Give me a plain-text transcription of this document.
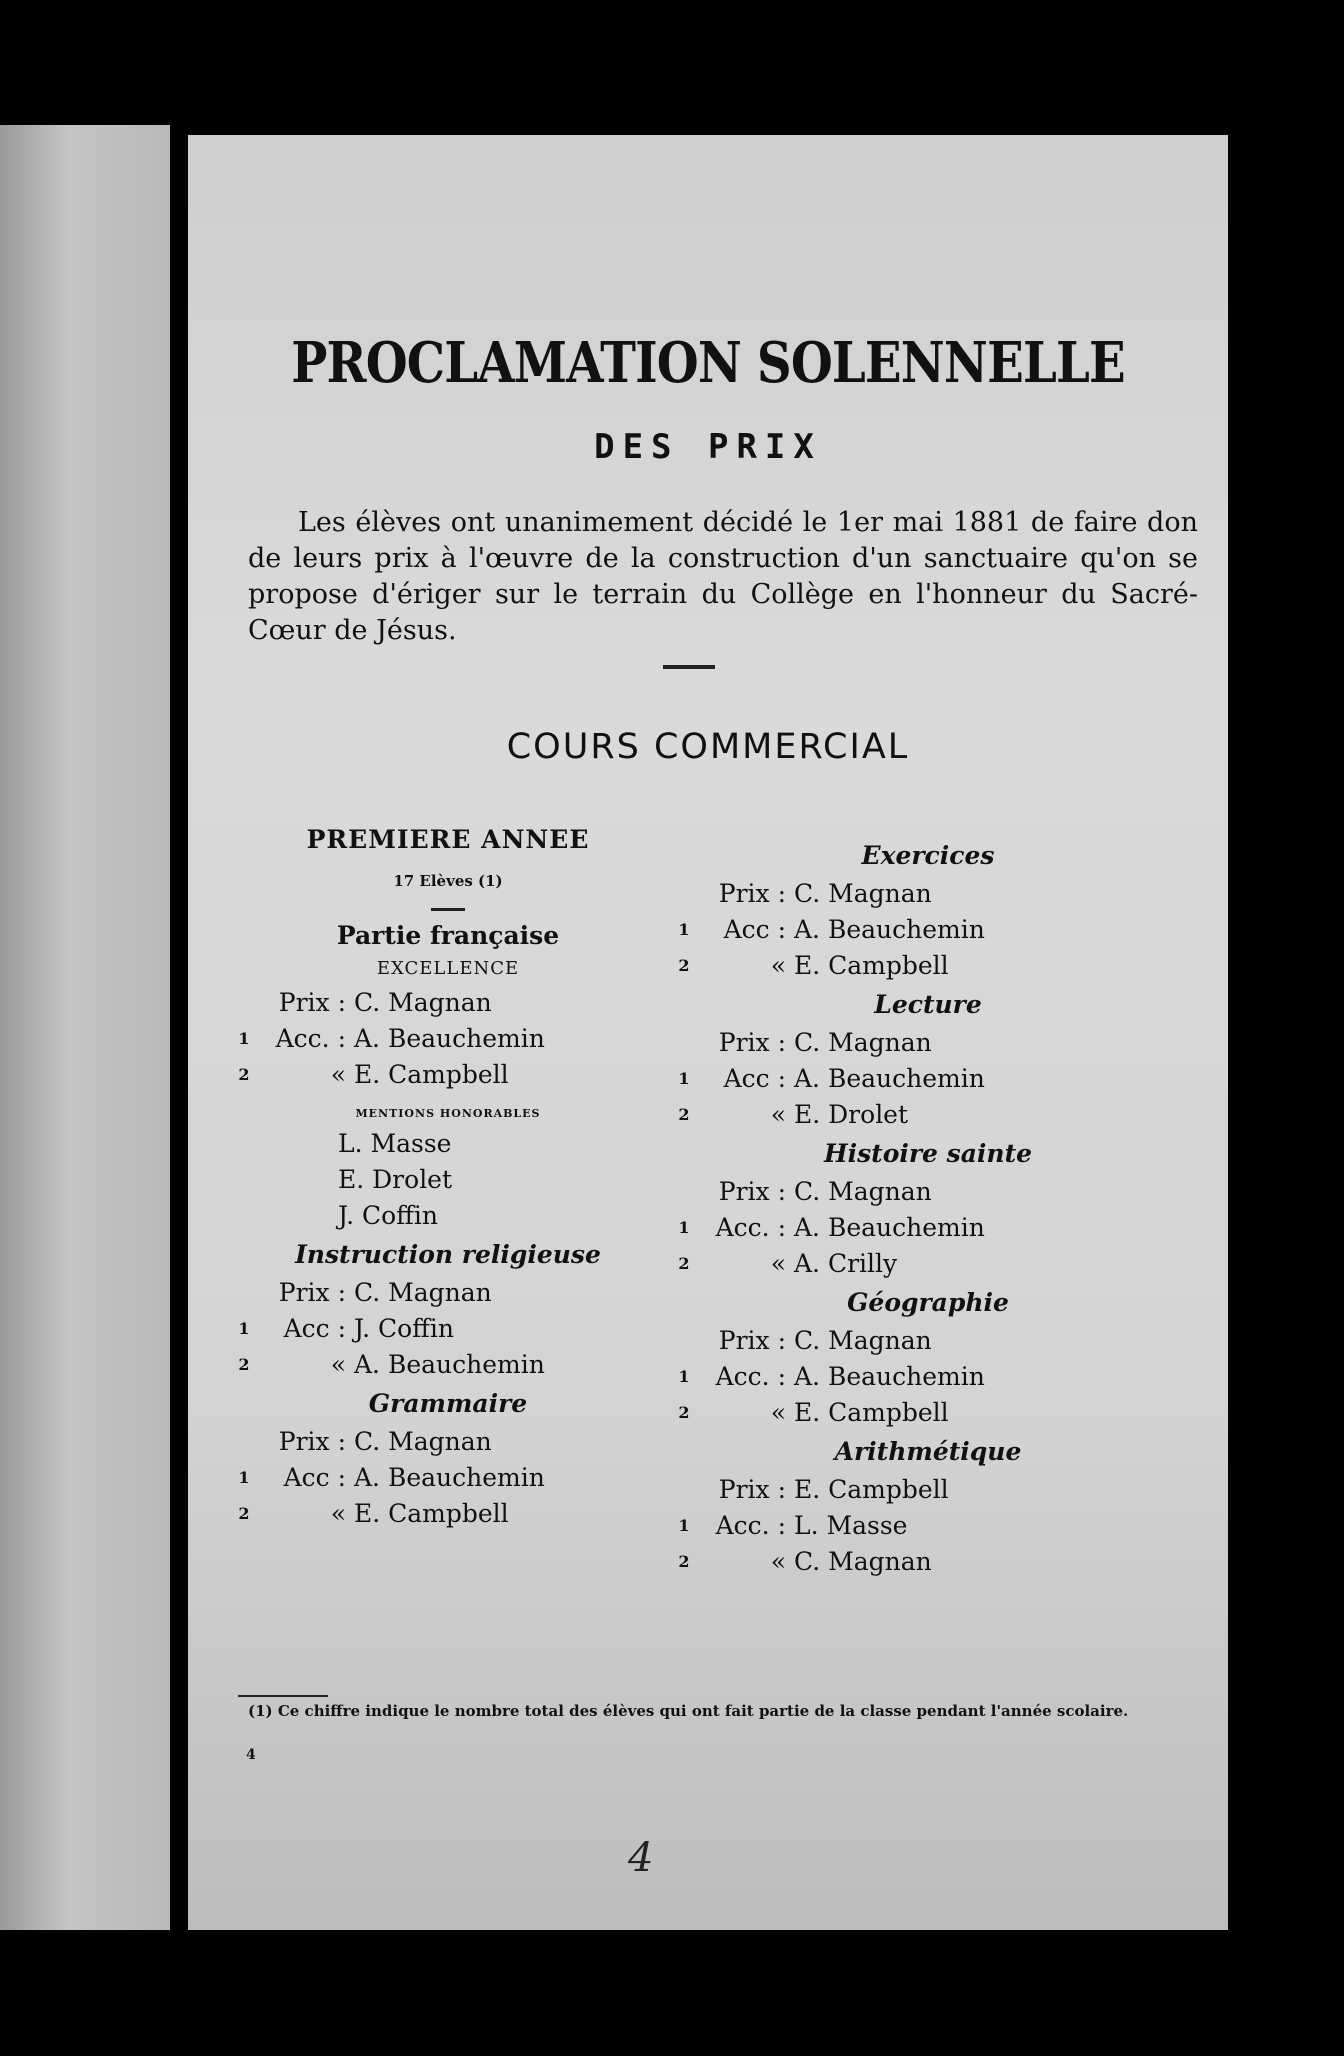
PROCLAMATION SOLENNELLE
DES PRIX

Les élèves ont unanimement décidé le 1er mai 1881 de faire don de leurs prix à l'œuvre de la construction d'un sanctuaire qu'on se propose d'ériger sur le terrain du Collège en l'honneur du Sacré-Cœur de Jésus.

COURS COMMERCIAL
PREMIERE ANNEE
17 Elèves (1)
Partie française
EXCELLENCE
Prix : C. Magnan
1	Acc. : A. Beauchemin
2	« E. Campbell
MENTIONS HONORABLES
L. Masse
E. Drolet
J. Coffin
Instruction religieuse
Prix : C. Magnan
1	Acc : J. Coffin
2	« A. Beauchemin
Grammaire
Prix : C. Magnan
1	Acc : A. Beauchemin
2	« E. Campbell
Exercices
Prix : C. Magnan
1	Acc : A. Beauchemin
2	« E. Campbell
Lecture
Prix : C. Magnan
1	Acc : A. Beauchemin
2	« E. Drolet
Histoire sainte
Prix : C. Magnan
1	Acc. : A. Beauchemin
2	« A. Crilly
Géographie
Prix : C. Magnan
1	Acc. : A. Beauchemin
2	« E. Campbell
Arithmétique
Prix : E. Campbell
1	Acc. : L. Masse
2	« C. Magnan
(1) Ce chiffre indique le nombre total des élèves qui ont fait partie de la classe pendant l'année scolaire.
4
4
